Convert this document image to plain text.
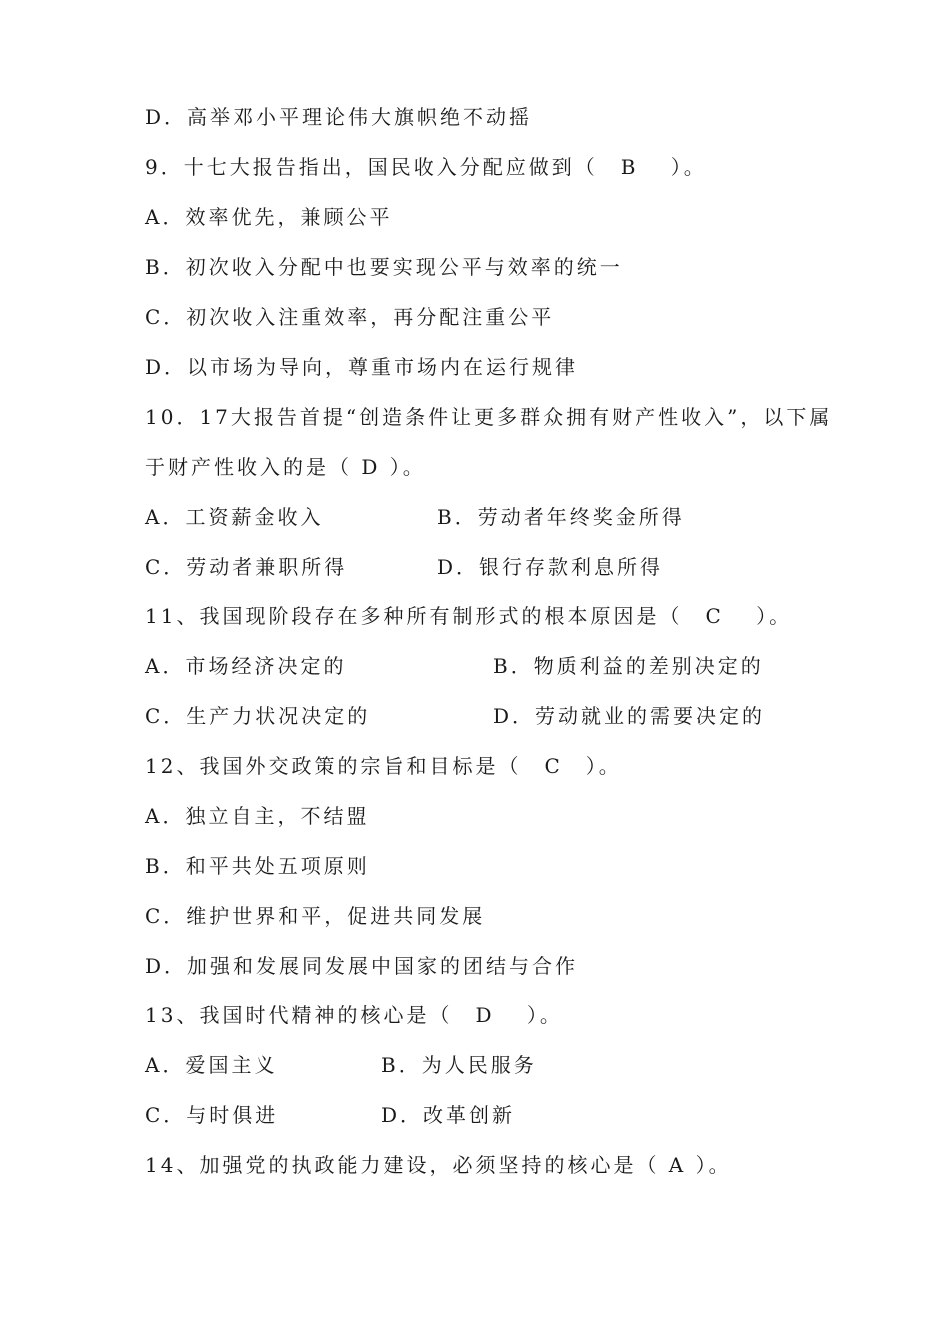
D．高举邓小平理论伟大旗帜绝不动摇
9．十七大报告指出，国民收入分配应做到（　B　 ）。
A．效率优先，兼顾公平
B．初次收入分配中也要实现公平与效率的统一
C．初次收入注重效率，再分配注重公平
D．以市场为导向，尊重市场内在运行规律
10．17大报告首提“创造条件让更多群众拥有财产性收入”，以下属
于财产性收入的是（ D ）。
A．工资薪金收入	B．劳动者年终奖金所得
C．劳动者兼职所得	D．银行存款利息所得
11、我国现阶段存在多种所有制形式的根本原因是（　C　 ）。
A．市场经济决定的	B．物质利益的差别决定的
C．生产力状况决定的	D．劳动就业的需要决定的
12、我国外交政策的宗旨和目标是（　C　）。
A．独立自主，不结盟
B．和平共处五项原则
C．维护世界和平，促进共同发展
D．加强和发展同发展中国家的团结与合作
13、我国时代精神的核心是（　D　 ）。
A．爱国主义	B．为人民服务
C．与时俱进	D．改革创新
14、加强党的执政能力建设，必须坚持的核心是（ A ）。
